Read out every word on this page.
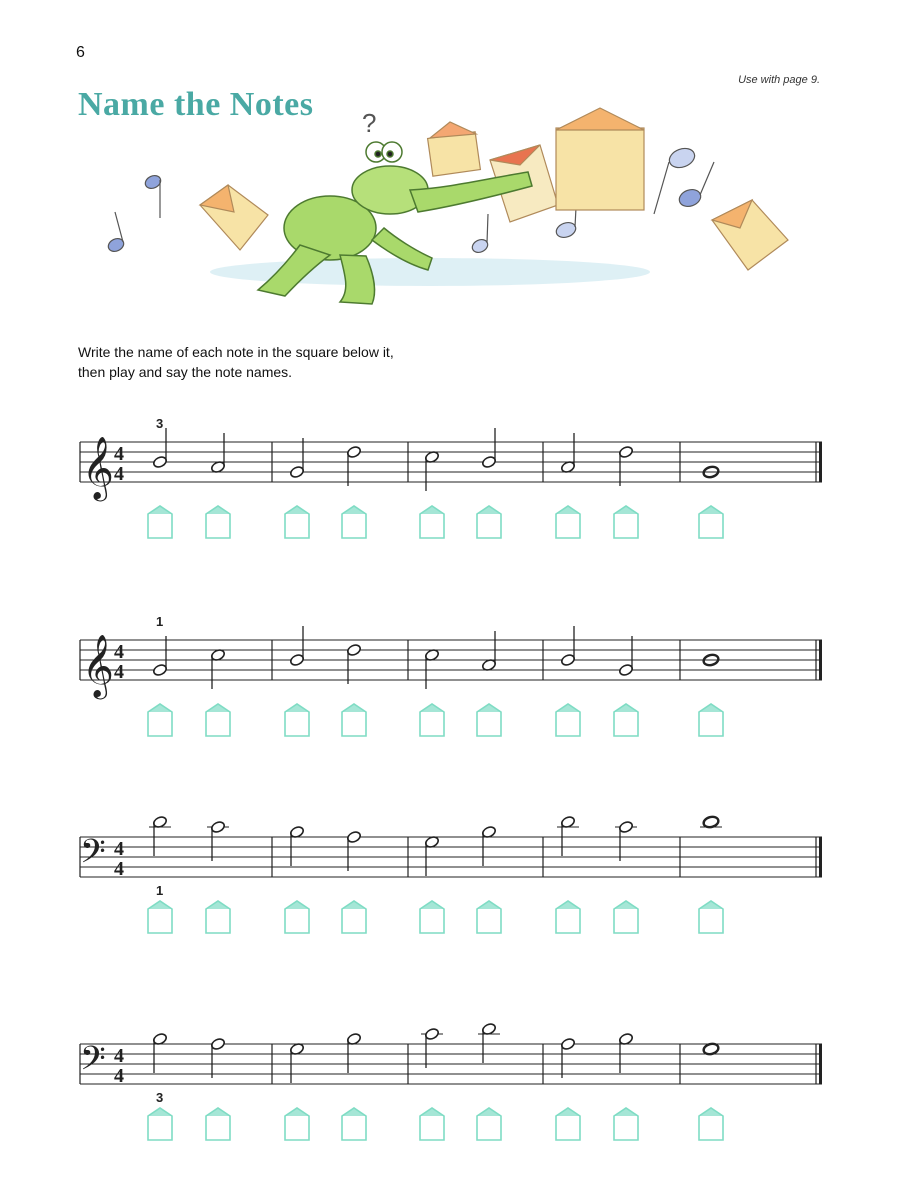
6
Use with page 9.
Name the Notes ?
Write the name of each note in the square below it,
then play and say the note names.
𝄞 4
4
3
𝄞 4
4
1
𝄢 4
4
1
𝄢 4
4
3
